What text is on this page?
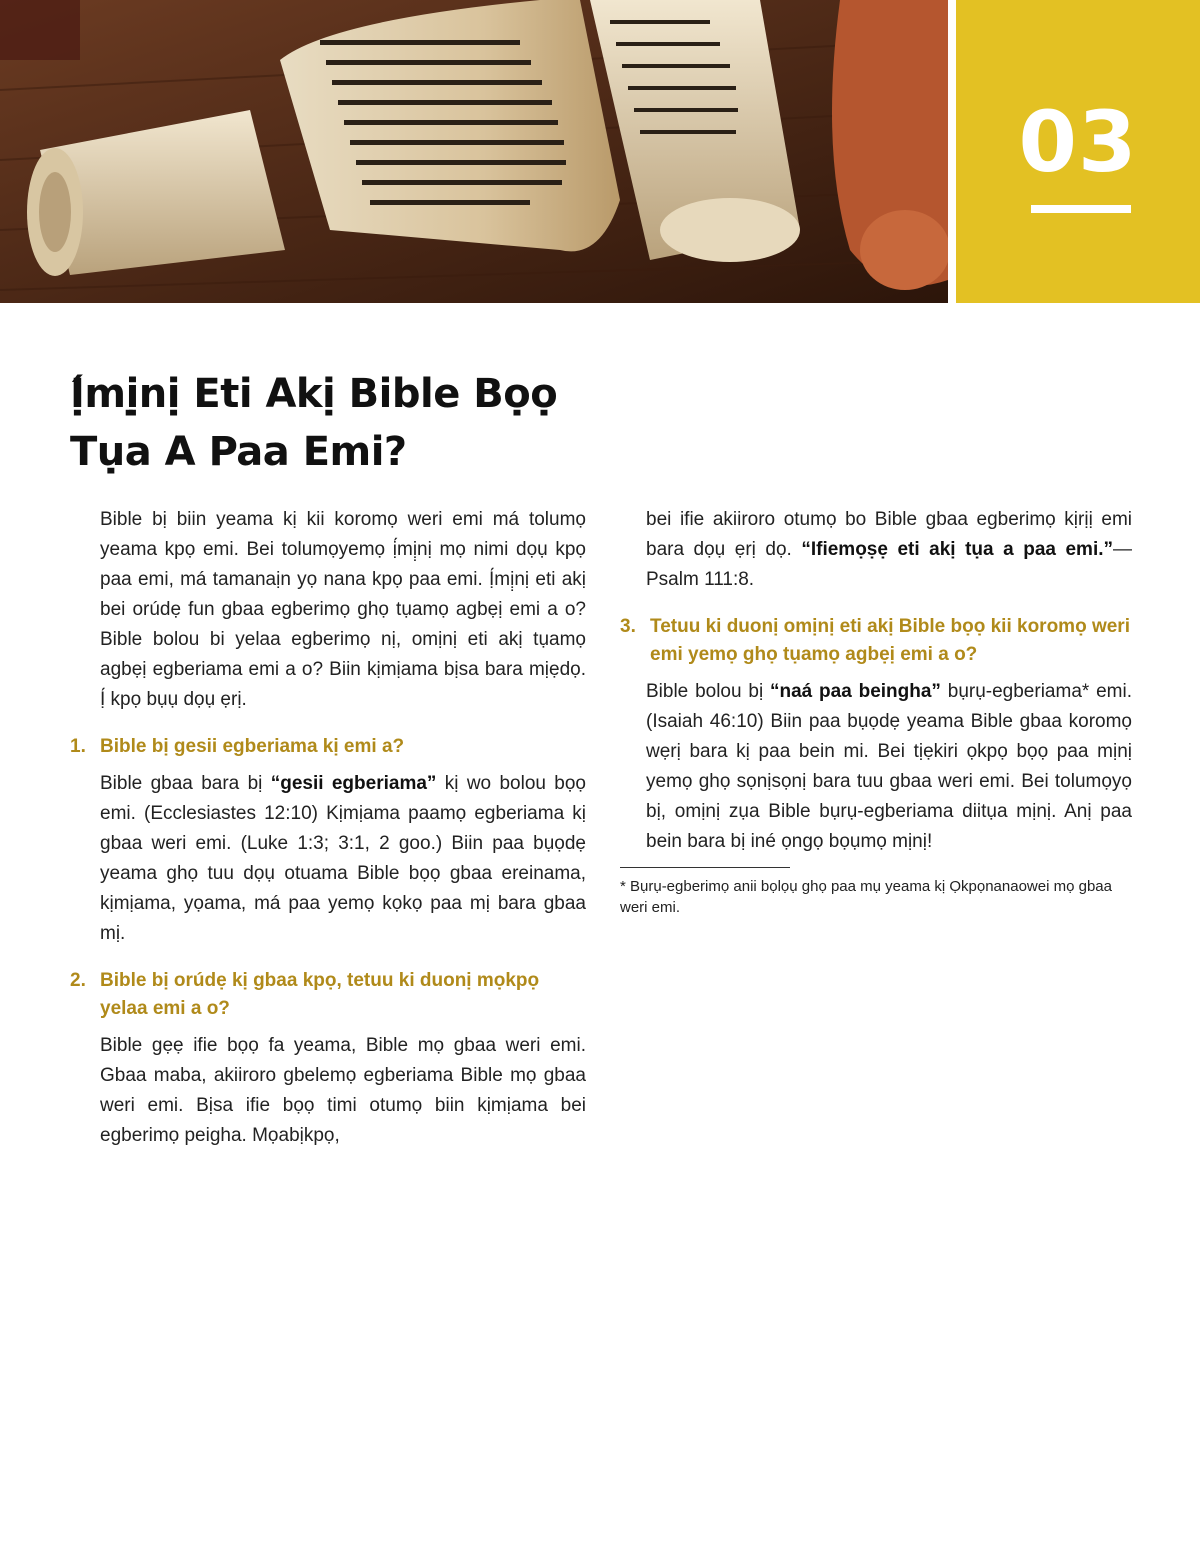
03
Ị́mị̣nị Eti Akị Bible Bọọ
Tụa A Paa Emi?

Bible bị biin yeama kị kii koromọ weri emi má tolumọ yeama kpọ emi. Bei tolumọyemọ ị́mị̣nị mọ nimi dọụ kpọ paa emi, má tamanaịn yọ nana kpọ paa emi. Ị́mị̣nị eti akị bei orúdẹ fun gbaa egberimọ ghọ tụamọ agbẹị emi a o? Bible bolou bi yelaa egberimọ nị, omịnị eti akị tụamọ agbẹị egberiama emi a o? Biin kịmịama bịsa bara mịẹdọ. Ị́ kpọ bụụ dọụ ẹrị.

1. Bible bị gesii egberiama kị emi a?

Bible gbaa bara bị “gesii egberiama” kị wo bolou bọọ emi. (Ecclesiastes 12:10) Kịmịama paamọ egberiama kị gbaa weri emi. (Luke 1:3; 3:1, 2 goo.) Biin paa bụọdẹ yeama ghọ tuu dọụ otuama Bible bọọ gbaa ereinama, kịmịama, yọama, má paa yemọ kọkọ paa mị bara gbaa mị.

2. Bible bị orúdẹ kị gbaa kpọ, tetuu ki duonị mọkpọ yelaa emi a o?

Bible gẹẹ ifie bọọ fa yeama, Bible mọ gbaa weri emi. Gbaa maba, akiiroro gbelemọ egberiama Bible mọ gbaa weri emi. Bịsa ifie bọọ timi otumọ biin kịmịama bei egberimọ peigha. Mọabịkpọ,

bei ifie akiiroro otumọ bo Bible gbaa egberimọ kịrịị emi bara dọụ ẹrị dọ. “Ifiemọṣẹ eti akị tụa a paa emi.”—Psalm 111:8.

3. Tetuu ki duonị omịnị eti akị Bible bọọ kii koromọ weri emi yemọ ghọ tụamọ agbẹị emi a o?

Bible bolou bị “naá paa beingha” bụrụ-egberiama* emi. (Isaiah 46:10) Biin paa bụọdẹ yeama Bible gbaa koromọ wẹrị bara kị paa bein mi. Bei tịẹkiri ọkpọ bọọ paa mịnị yemọ ghọ sọnịsọnị bara tuu gbaa weri emi. Bei tolumọyọ bị, omịnị zụa Bible bụrụ-egberiama diitụa mịnị. Anị paa bein bara bị iné ọngọ bọụmọ mịnị!

* Bụrụ-egberimọ anii bọlọụ ghọ paa mụ yeama kị Ọkpọnanaowei mọ gbaa weri emi.
